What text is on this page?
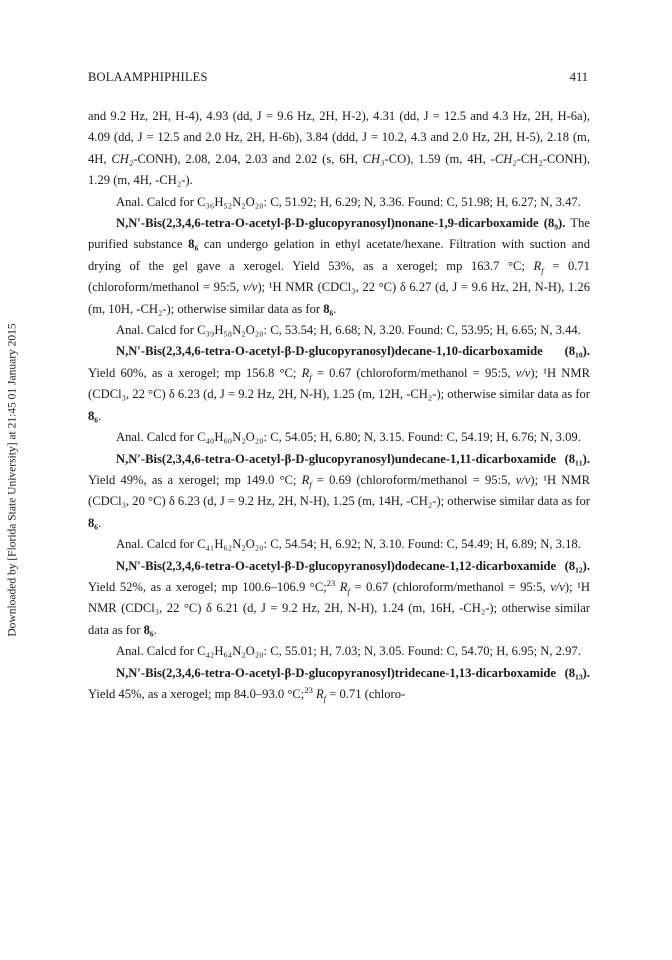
Downloaded by [Florida State University] at 21:45 01 January 2015
BOLAAMPHIPHILES	411

and 9.2 Hz, 2H, H-4), 4.93 (dd, J = 9.6 Hz, 2H, H-2), 4.31 (dd, J = 12.5 and 4.3 Hz, 2H, H-6a), 4.09 (dd, J = 12.5 and 2.0 Hz, 2H, H-6b), 3.84 (ddd, J = 10.2, 4.3 and 2.0 Hz, 2H, H-5), 2.18 (m, 4H, CH₂-CONH), 2.08, 2.04, 2.03 and 2.02 (s, 6H, CH₃-CO), 1.59 (m, 4H, -CH₂-CH₂-CONH), 1.29 (m, 4H, -CH₂-).

Anal. Calcd for C₃₆H₅₂N₂O₂₀: C, 51.92; H, 6.29; N, 3.36. Found: C, 51.98; H, 6.27; N, 3.47.

N,N′-Bis(2,3,4,6-tetra-O-acetyl-β-D-glucopyranosyl)nonane-1,9-dicarboxamide (8₉). The purified substance 8₆ can undergo gelation in ethyl acetate/hexane. Filtration with suction and drying of the gel gave a xerogel. Yield 53%, as a xerogel; mp 163.7 °C; $R_f = 0.71$ (chloroform/methanol = 95:5, v/v); ¹H NMR (CDCl₃, 22 °C) δ 6.27 (d, J = 9.6 Hz, 2H, N-H), 1.26 (m, 10H, -CH₂-); otherwise similar data as for 8₆.

Anal. Calcd for C₃₉H₅₈N₂O₂₀: C, 53.54; H, 6.68; N, 3.20. Found: C, 53.95; H, 6.65; N, 3.44.

N,N′-Bis(2,3,4,6-tetra-O-acetyl-β-D-glucopyranosyl)decane-1,10-dicarboxamide (8₁₀). Yield 60%, as a xerogel; mp 156.8 °C; $R_f = 0.67$ (chloroform/methanol = 95:5, v/v); ¹H NMR (CDCl₃, 22 °C) δ 6.23 (d, J = 9.2 Hz, 2H, N-H), 1.25 (m, 12H, -CH₂-); otherwise similar data as for 8₆.

Anal. Calcd for C₄₀H₆₀N₂O₂₀: C, 54.05; H, 6.80; N, 3.15. Found: C, 54.19; H, 6.76; N, 3.09.

N,N′-Bis(2,3,4,6-tetra-O-acetyl-β-D-glucopyranosyl)undecane-1,11-dicarboxamide (8₁₁). Yield 49%, as a xerogel; mp 149.0 °C; $R_f = 0.69$ (chloroform/methanol = 95:5, v/v); ¹H NMR (CDCl₃, 20 °C) δ 6.23 (d, J = 9.2 Hz, 2H, N-H), 1.25 (m, 14H, -CH₂-); otherwise similar data as for 8₆.

Anal. Calcd for C₄₁H₆₂N₂O₂₀: C, 54.54; H, 6.92; N, 3.10. Found: C, 54.49; H, 6.89; N, 3.18.

N,N′-Bis(2,3,4,6-tetra-O-acetyl-β-D-glucopyranosyl)dodecane-1,12-dicarboxamide (8₁₂). Yield 52%, as a xerogel; mp 100.6–106.9 °C;$^{23}$ $R_f = 0.67$ (chloroform/methanol = 95:5, v/v); ¹H NMR (CDCl₃, 22 °C) δ 6.21 (d, J = 9.2 Hz, 2H, N-H), 1.24 (m, 16H, -CH₂-); otherwise similar data as for 8₆.

Anal. Calcd for C₄₂H₆₄N₂O₂₀: C, 55.01; H, 7.03; N, 3.05. Found: C, 54.70; H, 6.95; N, 2.97.

N,N′-Bis(2,3,4,6-tetra-O-acetyl-β-D-glucopyranosyl)tridecane-1,13-dicarboxamide (8₁₃). Yield 45%, as a xerogel; mp 84.0–93.0 °C;$^{23}$ $R_f = 0.71$ (chloro-
